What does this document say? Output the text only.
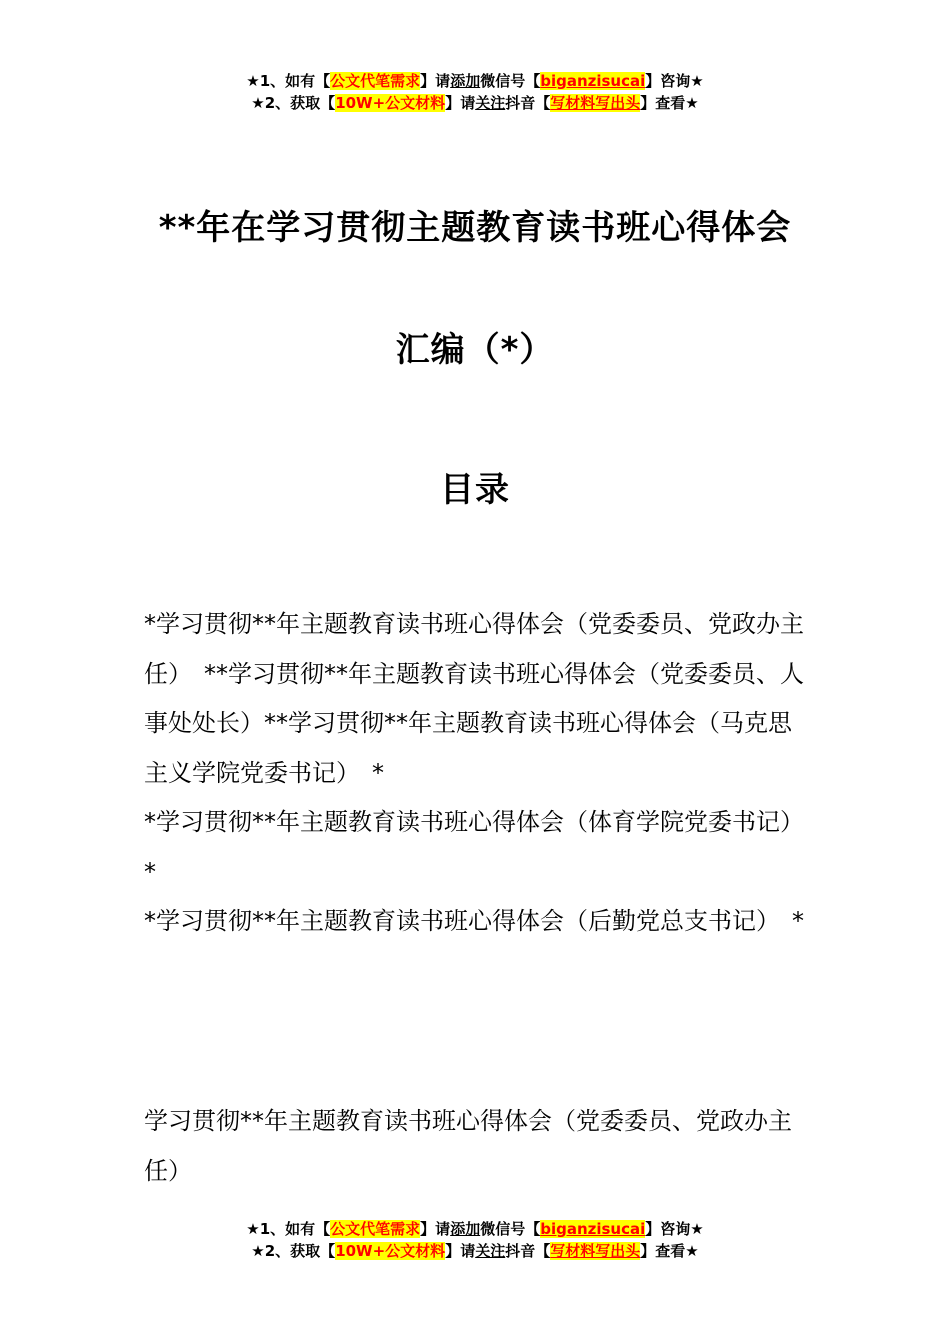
★1、如有【公文代笔需求】请添加微信号【biganzisucai】咨询★
★2、获取【10W+公文材料】请关注抖音【写材料写出头】查看★
**年在学习贯彻主题教育读书班心得体会
汇编（*）
目录

*学习贯彻**年主题教育读书班心得体会（党委委员、党政办主任）　**学习贯彻**年主题教育读书班心得体会（党委委员、人事处处长）**学习贯彻**年主题教育读书班心得体会（马克思主义学院党委书记）　*

*学习贯彻**年主题教育读书班心得体会（体育学院党委书记）　*

*学习贯彻**年主题教育读书班心得体会（后勤党总支书记）　*

学习贯彻**年主题教育读书班心得体会（党委委员、党政办主任）

★1、如有【公文代笔需求】请添加微信号【biganzisucai】咨询★
★2、获取【10W+公文材料】请关注抖音【写材料写出头】查看★
